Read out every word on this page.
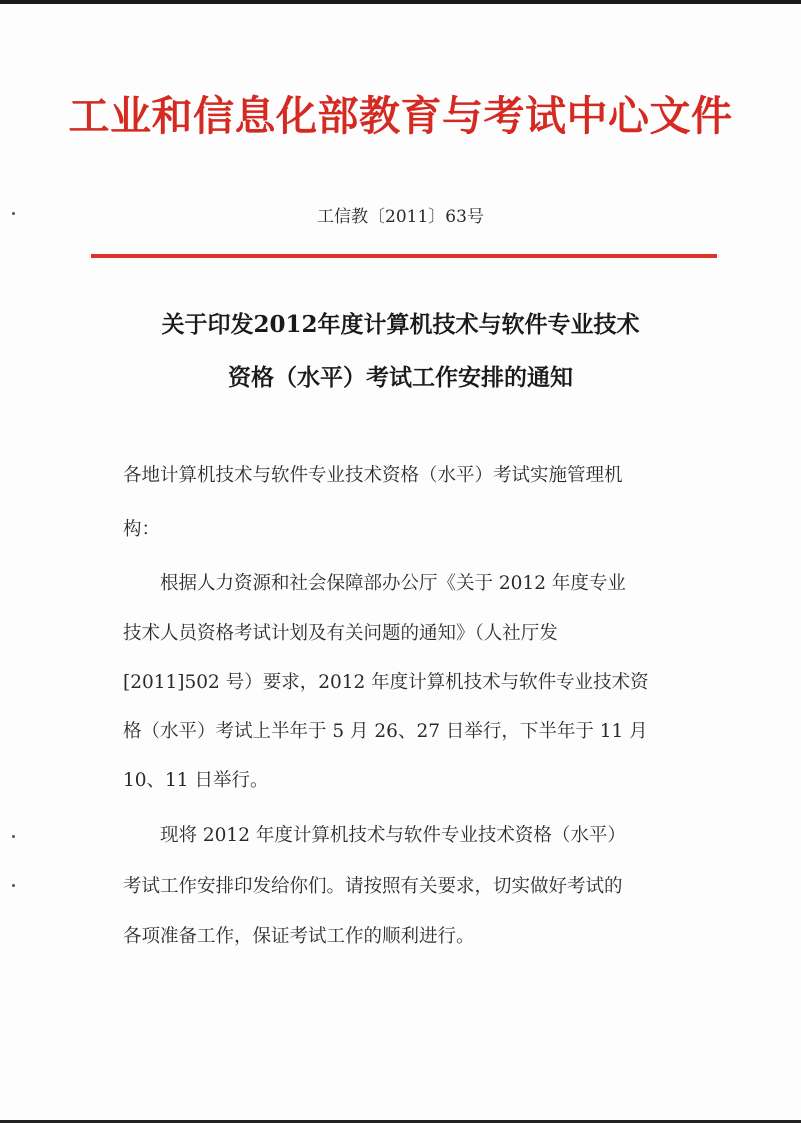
工业和信息化部教育与考试中心文件
工信教〔2011〕63号
关于印发2012年度计算机技术与软件专业技术
资格（水平）考试工作安排的通知
各地计算机技术与软件专业技术资格（水平）考试实施管理机
构：
根据人力资源和社会保障部办公厅《关于 2012 年度专业
技术人员资格考试计划及有关问题的通知》（人社厅发
[2011]502 号）要求，2012 年度计算机技术与软件专业技术资
格（水平）考试上半年于 5 月 26、27 日举行，下半年于 11 月
10、11 日举行。
现将 2012 年度计算机技术与软件专业技术资格（水平）
考试工作安排印发给你们。请按照有关要求，切实做好考试的
各项准备工作，保证考试工作的顺利进行。
